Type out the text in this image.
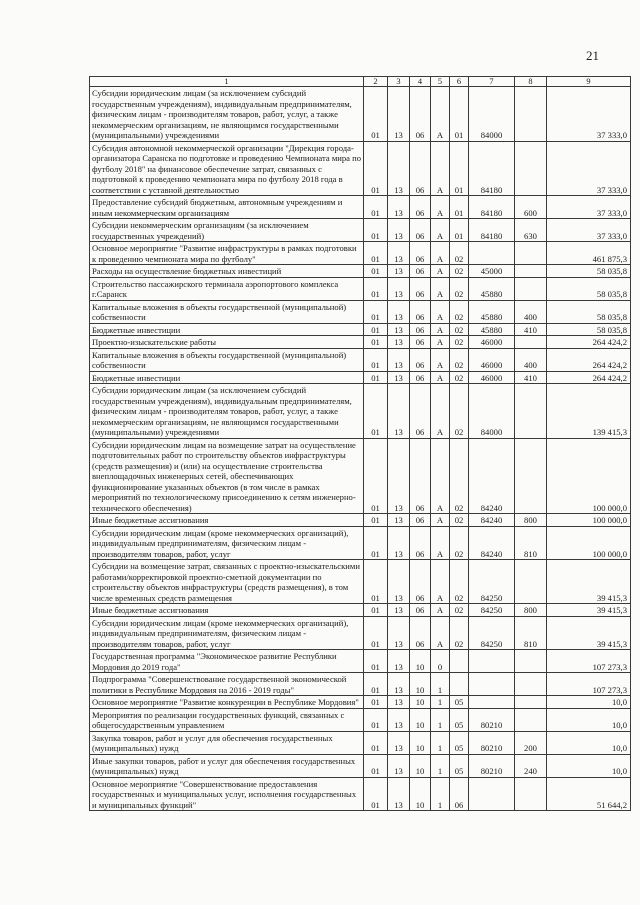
21
1	2	3	4	5	6	7	8	9
Субсидии юридическим лицам (за исключением субсидий государственным учреждениям), индивидуальным предпринимателям, физическим лицам - производителям товаров, работ, услуг, а также некоммерческим организациям, не являющимся государственными (муниципальными) учреждениями	01	13	06	А	01	84000		37 333,0
Субсидия автономной некоммерческой организации "Дирекция города-организатора Саранска по подготовке и проведению Чемпионата мира по футболу 2018" на финансовое обеспечение затрат, связанных с подготовкой к проведению чемпионата мира по футболу 2018 года в соответствии с уставной деятельностью	01	13	06	А	01	84180		37 333,0
Предоставление субсидий бюджетным, автономным учреждениям и иным некоммерческим организациям	01	13	06	А	01	84180	600	37 333,0
Субсидии некоммерческим организациям (за исключением государственных учреждений)	01	13	06	А	01	84180	630	37 333,0
Основное мероприятие "Развитие инфраструктуры в рамках подготовки к проведению чемпионата мира по футболу"	01	13	06	А	02			461 875,3
Расходы на осуществление бюджетных инвестиций	01	13	06	А	02	45000		58 035,8
Строительство пассажирского терминала аэропортового комплекса г.Саранск	01	13	06	А	02	45880		58 035,8
Капитальные вложения в объекты государственной (муниципальной) собственности	01	13	06	А	02	45880	400	58 035,8
Бюджетные инвестиции	01	13	06	А	02	45880	410	58 035,8
Проектно-изыскательские работы	01	13	06	А	02	46000		264 424,2
Капитальные вложения в объекты государственной (муниципальной) собственности	01	13	06	А	02	46000	400	264 424,2
Бюджетные инвестиции	01	13	06	А	02	46000	410	264 424,2
Субсидии юридическим лицам (за исключением субсидий государственным учреждениям), индивидуальным предпринимателям, физическим лицам - производителям товаров, работ, услуг, а также некоммерческим организациям, не являющимся государственными (муниципальными) учреждениями	01	13	06	А	02	84000		139 415,3
Субсидии юридическим лицам на возмещение затрат на осуществление подготовительных работ по строительству объектов инфраструктуры (средств размещения) и (или) на осуществление строительства внеплощадочных инженерных сетей, обеспечивающих функционирование указанных объектов (в том числе в рамках мероприятий по технологическому присоединению к сетям инженерно-технического обеспечения)	01	13	06	А	02	84240		100 000,0
Иные бюджетные ассигнования	01	13	06	А	02	84240	800	100 000,0
Субсидии юридическим лицам (кроме некоммерческих организаций), индивидуальным предпринимателям, физическим лицам - производителям товаров, работ, услуг	01	13	06	А	02	84240	810	100 000,0
Субсидии на возмещение затрат, связанных с проектно-изыскательскими работами/корректировкой проектно-сметной документации по строительству объектов инфраструктуры (средств размещения), в том числе временных средств размещения	01	13	06	А	02	84250		39 415,3
Иные бюджетные ассигнования	01	13	06	А	02	84250	800	39 415,3
Субсидии юридическим лицам (кроме некоммерческих организаций), индивидуальным предпринимателям, физическим лицам - производителям товаров, работ, услуг	01	13	06	А	02	84250	810	39 415,3
Государственная программа "Экономическое развитие Республики Мордовия до 2019 года"	01	13	10	0				107 273,3
Подпрограмма "Совершенствование государственной экономической политики в Республике Мордовия на 2016 - 2019 годы"	01	13	10	1				107 273,3
Основное мероприятие "Развитие конкуренции в Республике Мордовия"	01	13	10	1	05			10,0
Мероприятия по реализации государственных функций, связанных с общегосударственным управлением	01	13	10	1	05	80210		10,0
Закупка товаров, работ и услуг для обеспечения государственных (муниципальных) нужд	01	13	10	1	05	80210	200	10,0
Иные закупки товаров, работ и услуг для обеспечения государственных (муниципальных) нужд	01	13	10	1	05	80210	240	10,0
Основное мероприятие "Совершенствование предоставления государственных и муниципальных услуг, исполнения государственных и муниципальных функций"	01	13	10	1	06			51 644,2
